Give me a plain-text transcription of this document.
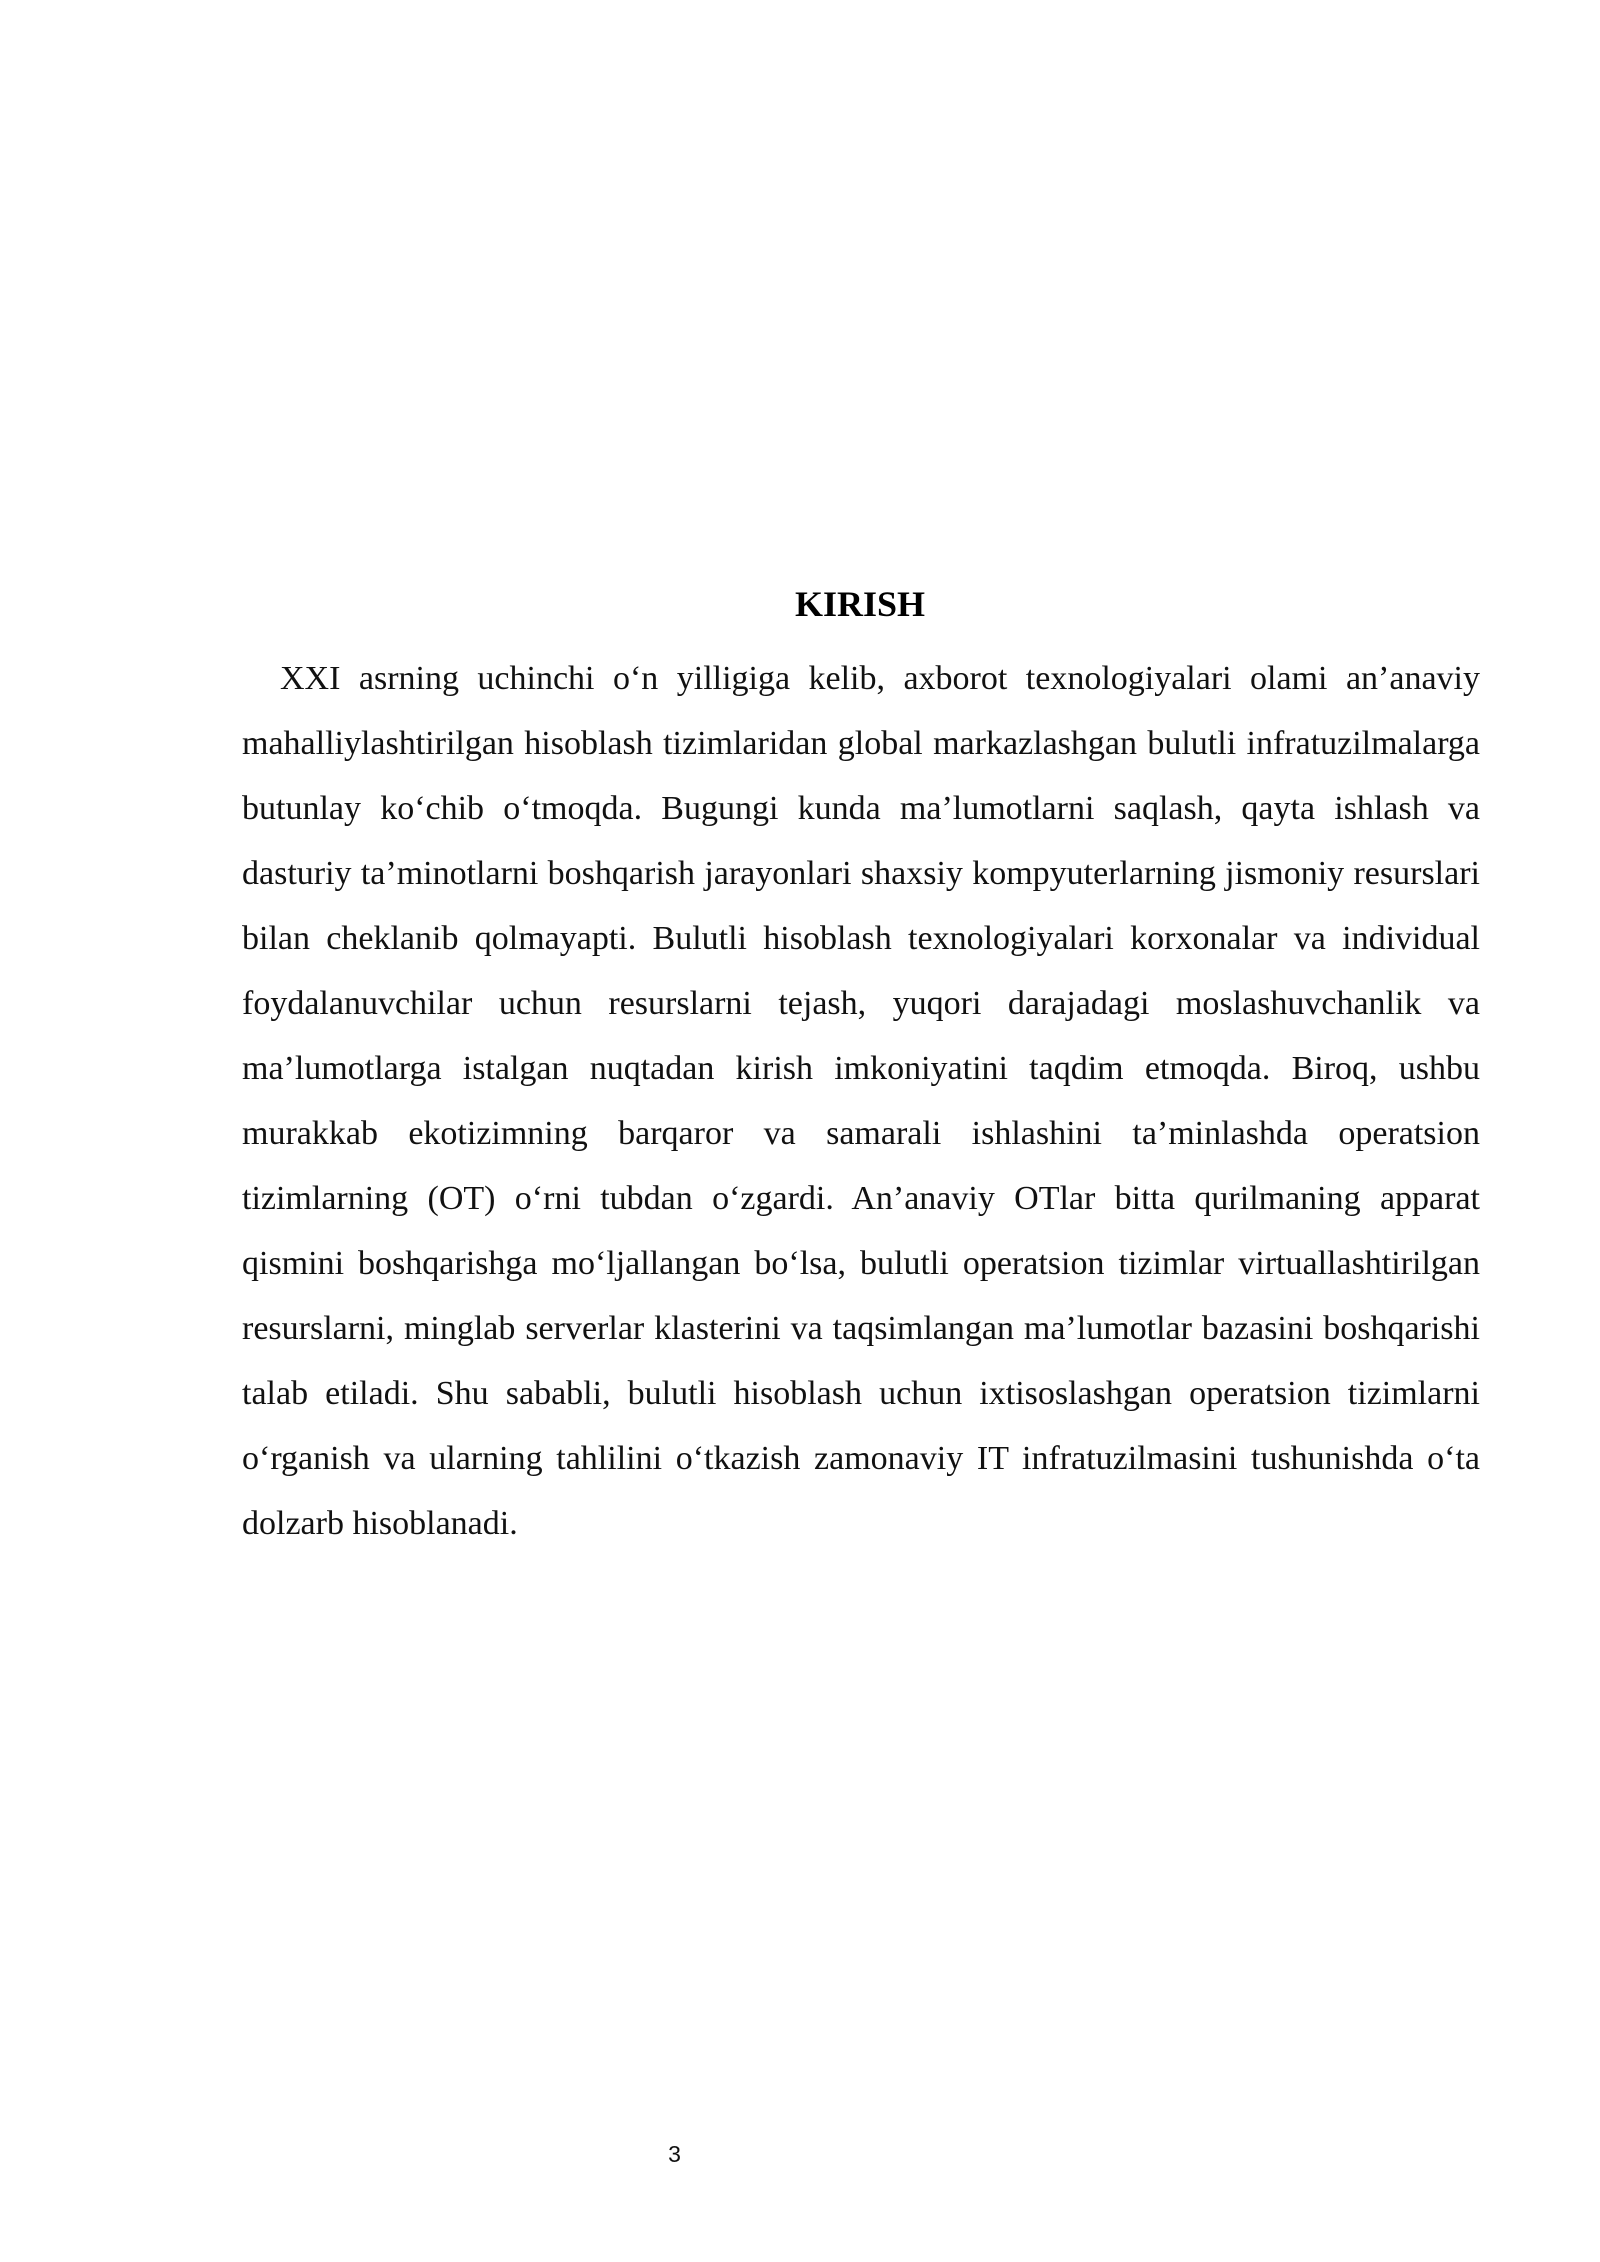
KIRISH

XXI asrning uchinchi o‘n yilligiga kelib, axborot texnologiyalari olami an’anaviy mahalliylashtirilgan hisoblash tizimlaridan global markazlashgan bulutli infratuzilmalarga butunlay ko‘chib o‘tmoqda. Bugungi kunda ma’lumotlarni saqlash, qayta ishlash va dasturiy ta’minotlarni boshqarish jarayonlari shaxsiy kompyuterlarning jismoniy resurslari bilan cheklanib qolmayapti. Bulutli hisoblash texnologiyalari korxonalar va individual foydalanuvchilar uchun resurslarni tejash, yuqori darajadagi moslashuvchanlik va ma’lumotlarga istalgan nuqtadan kirish imkoniyatini taqdim etmoqda. Biroq, ushbu murakkab ekotizimning barqaror va samarali ishlashini ta’minlashda operatsion tizimlarning (OT) o‘rni tubdan o‘zgardi. An’anaviy OTlar bitta qurilmaning apparat qismini boshqarishga mo‘ljallangan bo‘lsa, bulutli operatsion tizimlar virtuallashtirilgan resurslarni, minglab serverlar klasterini va taqsimlangan ma’lumotlar bazasini boshqarishi talab etiladi. Shu sababli, bulutli hisoblash uchun ixtisoslashgan operatsion tizimlarni o‘rganish va ularning tahlilini o‘tkazish zamonaviy IT infratuzilmasini tushunishda o‘ta dolzarb hisoblanadi.

3
